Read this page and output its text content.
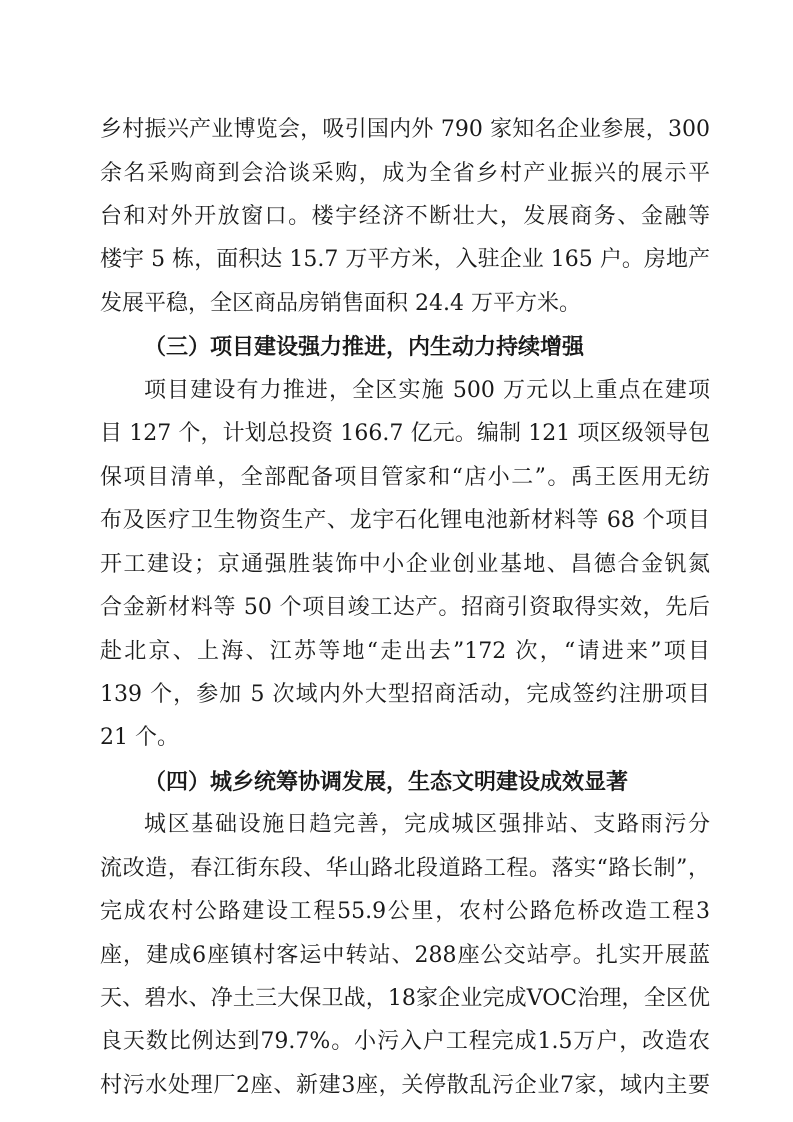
乡村振兴产业博览会，吸引国内外 790 家知名企业参展，300
余名采购商到会洽谈采购，成为全省乡村产业振兴的展示平
台和对外开放窗口。楼宇经济不断壮大，发展商务、金融等
楼宇 5 栋，面积达 15.7 万平方米，入驻企业 165 户。房地产
发展平稳，全区商品房销售面积 24.4 万平方米。
（三）项目建设强力推进，内生动力持续增强
项目建设有力推进，全区实施 500 万元以上重点在建项
目 127 个，计划总投资 166.7 亿元。编制 121 项区级领导包
保项目清单，全部配备项目管家和“店小二”。禹王医用无纺
布及医疗卫生物资生产、龙宇石化锂电池新材料等 68 个项目
开工建设；京通强胜装饰中小企业创业基地、昌德合金钒氮
合金新材料等 50 个项目竣工达产。招商引资取得实效，先后
赴北京、上海、江苏等地“走出去”172 次，“请进来”项目
139 个，参加 5 次域内外大型招商活动，完成签约注册项目
21 个。
（四）城乡统筹协调发展，生态文明建设成效显著
城区基础设施日趋完善，完成城区强排站、支路雨污分
流改造，春江街东段、华山路北段道路工程。落实“路长制”，
完成农村公路建设工程55.9公里，农村公路危桥改造工程3
座，建成6座镇村客运中转站、288座公交站亭。扎实开展蓝
天、碧水、净土三大保卫战，18家企业完成VOC治理，全区优
良天数比例达到79.7%。小污入户工程完成1.5万户，改造农
村污水处理厂2座、新建3座，关停散乱污企业7家，域内主要
